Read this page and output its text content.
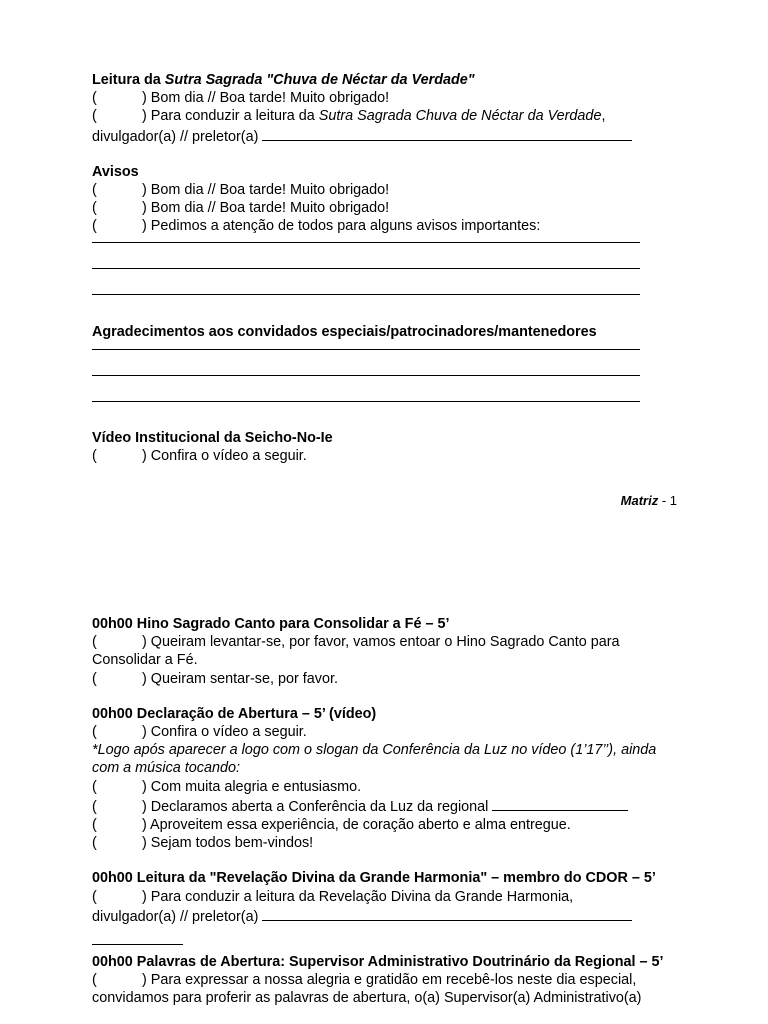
Leitura da Sutra Sagrada "Chuva de Néctar da Verdade"
(	) Bom dia // Boa tarde! Muito obrigado!
(	) Para conduzir a leitura da Sutra Sagrada Chuva de Néctar da Verdade,
divulgador(a) // preletor(a)
Avisos
(	) Bom dia // Boa tarde! Muito obrigado!
(	) Bom dia // Boa tarde! Muito obrigado!
(	) Pedimos a atenção de todos para alguns avisos importantes:
Agradecimentos aos convidados especiais/patrocinadores/mantenedores
Vídeo Institucional da Seicho-No-Ie
(	) Confira o vídeo a seguir.
Matriz - 1
00h00 Hino Sagrado Canto para Consolidar a Fé – 5’
(	) Queiram levantar-se, por favor, vamos entoar o Hino Sagrado Canto para
Consolidar a Fé.
(	) Queiram sentar-se, por favor.
00h00 Declaração de Abertura – 5’ (vídeo)
(	) Confira o vídeo a seguir.
*Logo após aparecer a logo com o slogan da Conferência da Luz no vídeo (1’17’’), ainda com a música tocando:
(	) Com muita alegria e entusiasmo.
(	) Declaramos aberta a Conferência da Luz da regional
(	) Aproveitem essa experiência, de coração aberto e alma entregue.
(	) Sejam todos bem-vindos!
00h00 Leitura da "Revelação Divina da Grande Harmonia" – membro do CDOR – 5’
(	) Para conduzir a leitura da Revelação Divina da Grande Harmonia,
divulgador(a) // preletor(a)
00h00 Palavras de Abertura: Supervisor Administrativo Doutrinário da Regional – 5’
(	) Para expressar a nossa alegria e gratidão em recebê-los neste dia especial,
convidamos para proferir as palavras de abertura, o(a) Supervisor(a) Administrativo(a)
